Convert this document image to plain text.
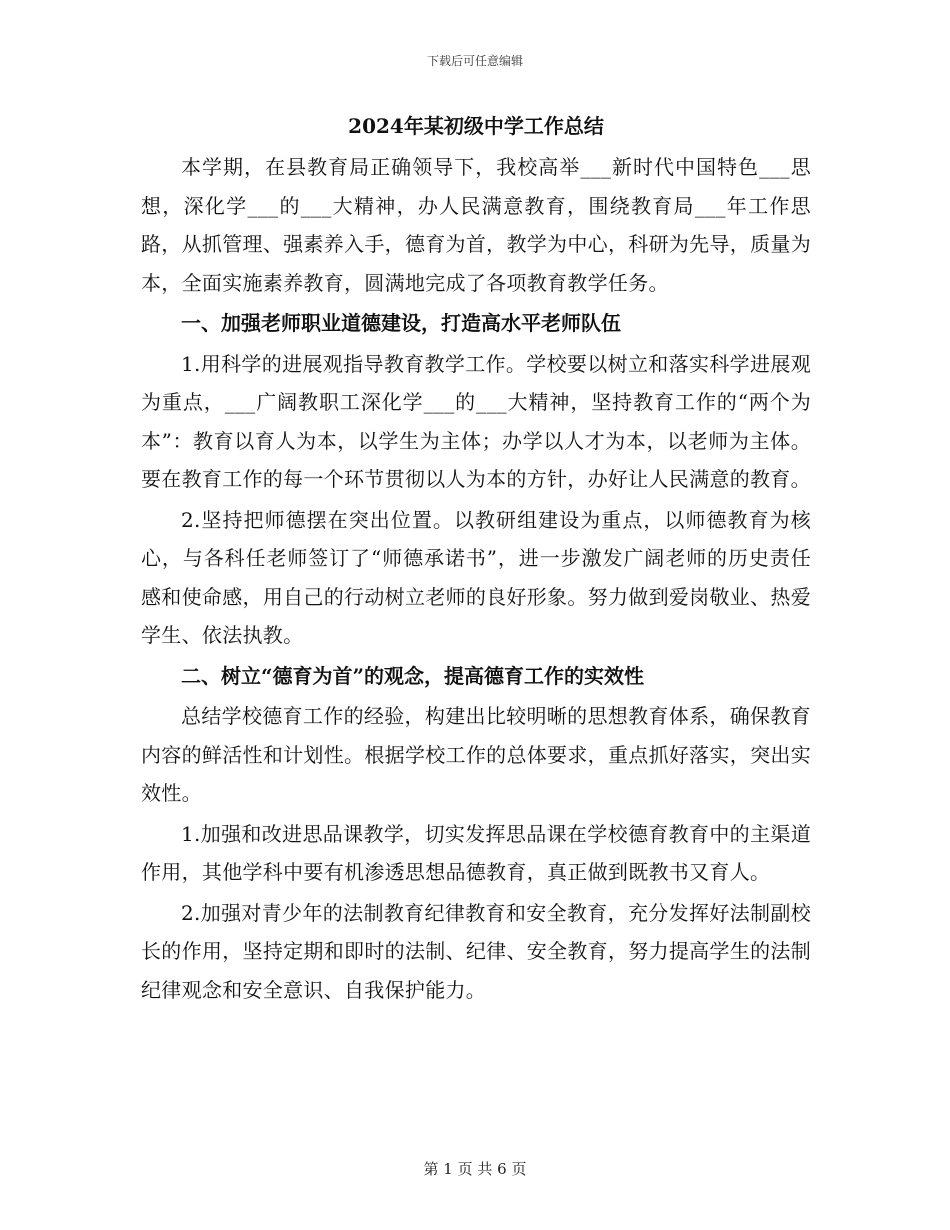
下载后可任意编辑
2024年某初级中学工作总结

本学期，在县教育局正确领导下，我校高举___新时代中国特色___思想，深化学___的___大精神，办人民满意教育，围绕教育局___年工作思路，从抓管理、强素养入手，德育为首，教学为中心，科研为先导，质量为本，全面实施素养教育，圆满地完成了各项教育教学任务。

一、加强老师职业道德建设，打造高水平老师队伍

1.用科学的进展观指导教育教学工作。学校要以树立和落实科学进展观为重点，___广阔教职工深化学___的___大精神，坚持教育工作的“两个为本”：教育以育人为本，以学生为主体；办学以人才为本，以老师为主体。要在教育工作的每一个环节贯彻以人为本的方针，办好让人民满意的教育。

2.坚持把师德摆在突出位置。以教研组建设为重点，以师德教育为核心，与各科任老师签订了“师德承诺书”，进一步激发广阔老师的历史责任感和使命感，用自己的行动树立老师的良好形象。努力做到爱岗敬业、热爱学生、依法执教。

二、树立“德育为首”的观念，提高德育工作的实效性

总结学校德育工作的经验，构建出比较明晰的思想教育体系，确保教育内容的鲜活性和计划性。根据学校工作的总体要求，重点抓好落实，突出实效性。

1.加强和改进思品课教学，切实发挥思品课在学校德育教育中的主渠道作用，其他学科中要有机渗透思想品德教育，真正做到既教书又育人。

2.加强对青少年的法制教育纪律教育和安全教育，充分发挥好法制副校长的作用，坚持定期和即时的法制、纪律、安全教育，努力提高学生的法制纪律观念和安全意识、自我保护能力。

第 1 页 共 6 页
